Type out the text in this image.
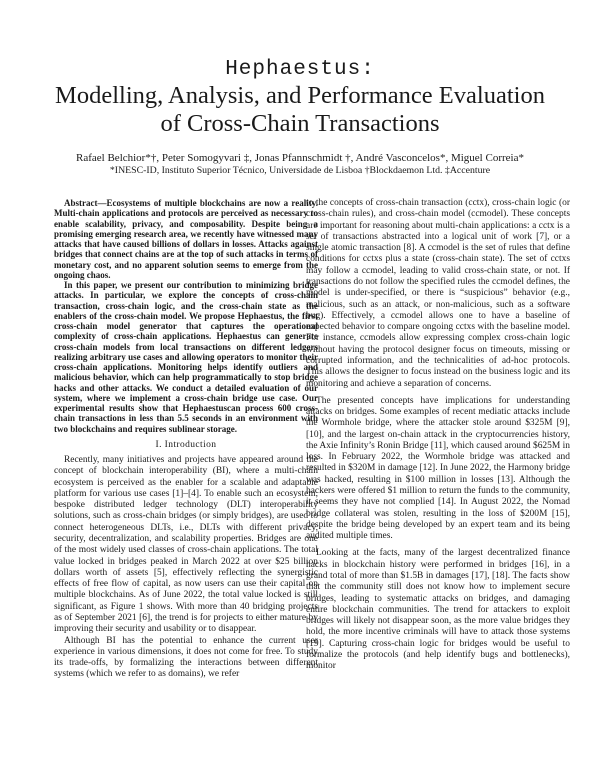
Hephaestus:
Modelling, Analysis, and Performance Evaluation
of Cross-Chain Transactions
Rafael Belchior*†, Peter Somogyvari ‡, Jonas Pfannschmidt †, André Vasconcelos*, Miguel Correia*
*INESC-ID, Instituto Superior Técnico, Universidade de Lisboa †Blockdaemon Ltd. ‡Accenture

Abstract—Ecosystems of multiple blockchains are now a reality. Multi-chain applications and protocols are perceived as necessary to enable scalability, privacy, and composability. Despite being a promising emerging research area, we recently have witnessed many attacks that have caused billions of dollars in losses. Attacks against bridges that connect chains are at the top of such attacks in terms of monetary cost, and no apparent solution seems to emerge from the ongoing chaos.

In this paper, we present our contribution to minimizing bridge attacks. In particular, we explore the concepts of cross-chain transaction, cross-chain logic, and the cross-chain state as the enablers of the cross-chain model. We propose Hephaestus, the first cross-chain model generator that captures the operational complexity of cross-chain applications. Hephaestus can generate cross-chain models from local transactions on different ledgers realizing arbitrary use cases and allowing operators to monitor their cross-chain applications. Monitoring helps identify outliers and malicious behavior, which can help programmatically to stop bridge hacks and other attacks. We conduct a detailed evaluation of our system, where we implement a cross-chain bridge use case. Our experimental results show that Hephaestuscan process 600 cross-chain transactions in less than 5.5 seconds in an environment with two blockchains and requires sublinear storage.

I. Introduction

Recently, many initiatives and projects have appeared around the concept of blockchain interoperability (BI), where a multi-chain ecosystem is perceived as the enabler for a scalable and adaptable platform for various use cases [1]–[4]. To enable such an ecosystem, bespoke distributed ledger technology (DLT) interoperability solutions, such as cross-chain bridges (or simply bridges), are used to connect heterogeneous DLTs, i.e., DLTs with different privacy, security, decentralization, and scalability properties. Bridges are one of the most widely used classes of cross-chain applications. The total value locked in bridges peaked in March 2022 at over $25 billion dollars worth of assets [5], effectively reflecting the synergistic effects of free flow of capital, as now users can use their capital on multiple blockchains. As of June 2022, the total value locked is still significant, as Figure 1 shows. With more than 40 bridging projects as of September 2021 [6], the trend is for projects to either mature by improving their security and usability or to disappear.

Although BI has the potential to enhance the current user experience in various dimensions, it does not come for free. To study its trade-offs, by formalizing the interactions between different systems (which we refer to as domains), we refer

to the concepts of cross-chain transaction (cctx), cross-chain logic (or cross-chain rules), and cross-chain model (ccmodel). These concepts are important for reasoning about multi-chain applications: a cctx is a set of transactions abstracted into a logical unit of work [7], or a single atomic transaction [8]. A ccmodel is the set of rules that define conditions for cctxs plus a state (cross-chain state). The set of cctxs may follow a ccmodel, leading to valid cross-chain state, or not. If transactions do not follow the specified rules the ccmodel defines, the model is under-specified, or there is “suspicious” behavior (e.g., malicious, such as an attack, or non-malicious, such as a software bug). Effectively, a ccmodel allows one to have a baseline of expected behavior to compare ongoing cctxs with the baseline model. For instance, ccmodels allow expressing complex cross-chain logic without having the protocol designer focus on timeouts, missing or corrupted information, and the technicalities of ad-hoc protocols. This allows the designer to focus instead on the business logic and its monitoring and achieve a separation of concerns.

The presented concepts have implications for understanding attacks on bridges. Some examples of recent mediatic attacks include the Wormhole bridge, where the attacker stole around $325M [9], [10], and the largest on-chain attack in the cryptocurrencies history, the Axie Infinity’s Ronin Bridge [11], which caused around $625M in loss. In February 2022, the Wormhole bridge was attacked and resulted in $320M in damage [12]. In June 2022, the Harmony bridge was hacked, resulting in $100 million in losses [13]. Although the hackers were offered $1 million to return the funds to the community, it seems they have not complied [14]. In August 2022, the Nomad bridge collateral was stolen, resulting in the loss of $200M [15], despite the bridge being developed by an expert team and its being audited multiple times.

Looking at the facts, many of the largest decentralized finance hacks in blockchain history were performed in bridges [16], in a grand total of more than $1.5B in damages [17], [18]. The facts show that the community still does not know how to implement secure bridges, leading to systematic attacks on bridges, and damaging entire blockchain communities. The trend for attackers to exploit bridges will likely not disappear soon, as the more value bridges they hold, the more incentive criminals will have to attack those systems [19]. Capturing cross-chain logic for bridges would be useful to formalize the protocols (and help identify bugs and bottlenecks), monitor
